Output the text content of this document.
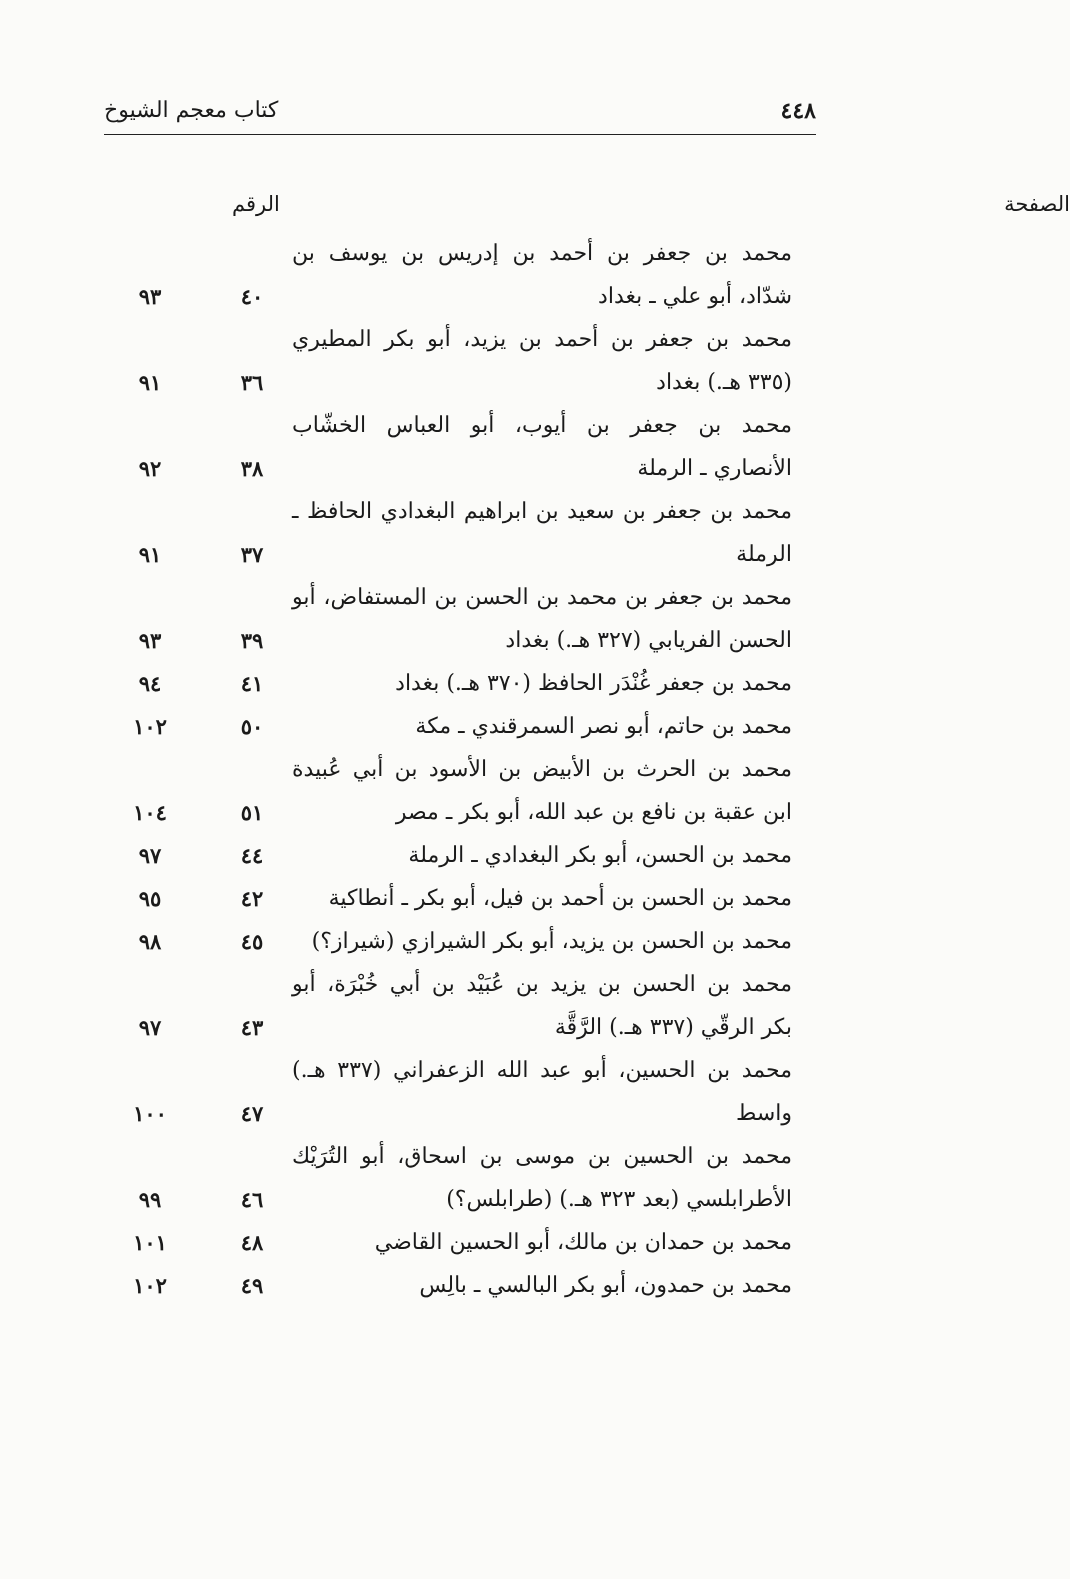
٤٤٨
كتاب معجم الشيوخ
الرقم	الصفحة
محمد بن جعفر بن أحمد بن إدريس بن يوسف بن
شدّاد، أبو علي ـ بغداد
٤٠
٩٣
محمد بن جعفر بن أحمد بن يزيد، أبو بكر المطيري
(٣٣٥ هـ.) بغداد
٣٦
٩١
محمد بن جعفر بن أيوب، أبو العباس الخشّاب
الأنصاري ـ الرملة
٣٨
٩٢
محمد بن جعفر بن سعيد بن ابراهيم البغدادي الحافظ ـ
الرملة
٣٧
٩١
محمد بن جعفر بن محمد بن الحسن بن المستفاض، أبو
الحسن الفريابي (٣٢٧ هـ.) بغداد
٣٩
٩٣
محمد بن جعفر غُنْدَر الحافظ (٣٧٠ هـ.) بغداد
٤١
٩٤
محمد بن حاتم، أبو نصر السمرقندي ـ مكة
٥٠
١٠٢
محمد بن الحرث بن الأبيض بن الأسود بن أبي عُبيدة
ابن عقبة بن نافع بن عبد الله، أبو بكر ـ مصر
٥١
١٠٤
محمد بن الحسن، أبو بكر البغدادي ـ الرملة
٤٤
٩٧
محمد بن الحسن بن أحمد بن فيل، أبو بكر ـ أنطاكية
٤٢
٩٥
محمد بن الحسن بن يزيد، أبو بكر الشيرازي (شيراز؟)
٤٥
٩٨
محمد بن الحسن بن يزيد بن عُبَيْد بن أبي خُبْرَة، أبو
بكر الرقّي (٣٣٧ هـ.) الرَّقَّة
٤٣
٩٧
محمد بن الحسين، أبو عبد الله الزعفراني (٣٣٧ هـ.)
واسط
٤٧
١٠٠
محمد بن الحسين بن موسى بن اسحاق، أبو التُرَيْك
الأطرابلسي (بعد ٣٢٣ هـ.) (طرابلس؟)
٤٦
٩٩
محمد بن حمدان بن مالك، أبو الحسين القاضي
٤٨
١٠١
محمد بن حمدون، أبو بكر البالسي ـ بالِس
٤٩
١٠٢
